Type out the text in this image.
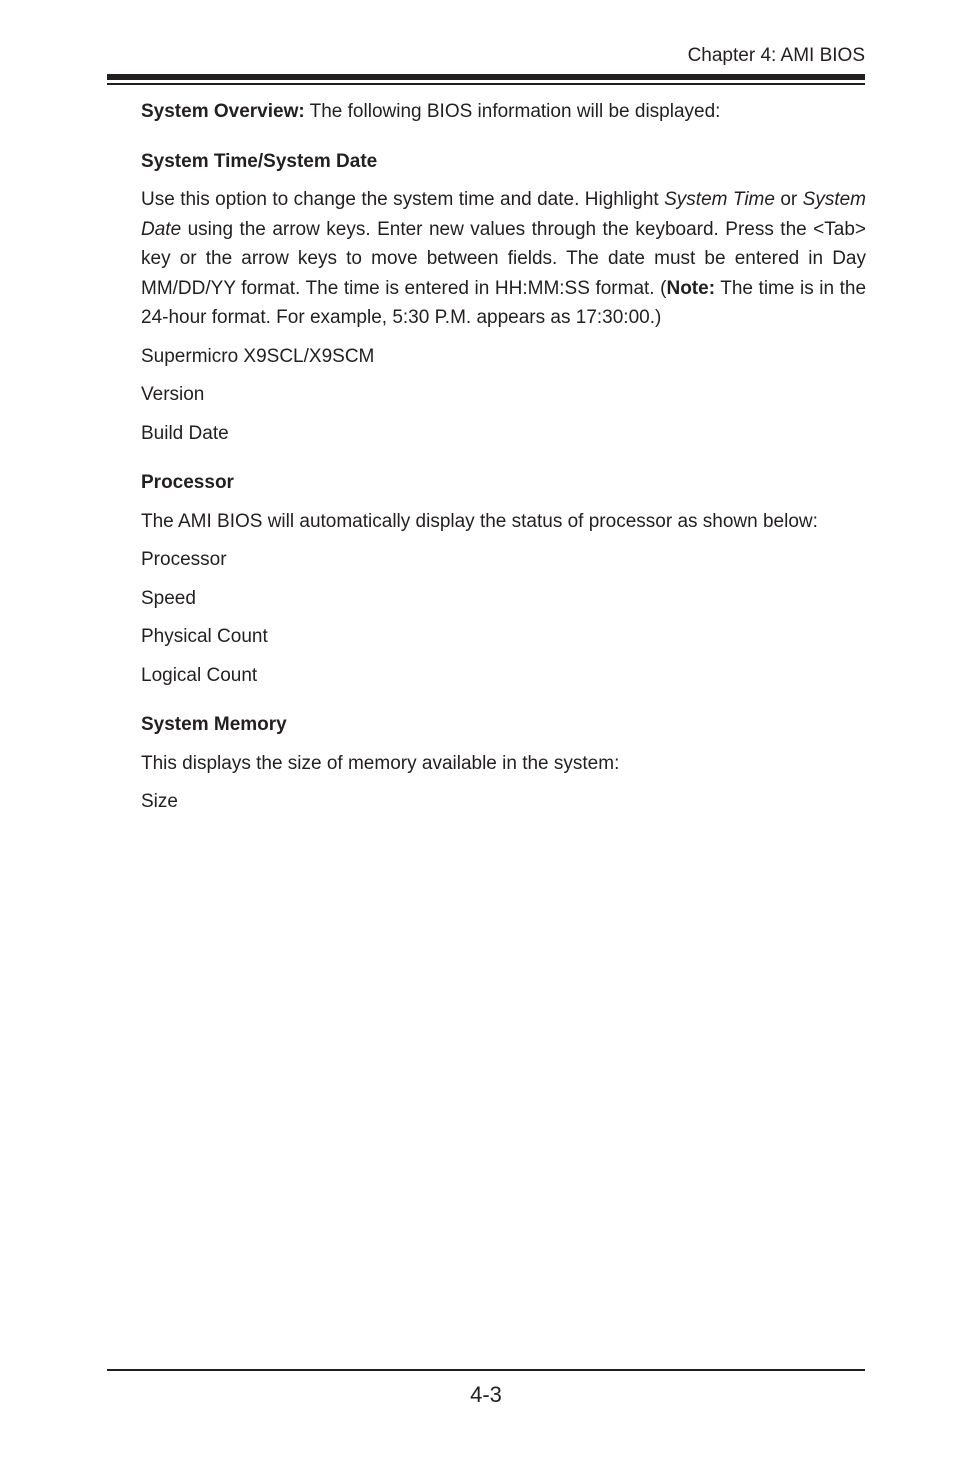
Chapter 4: AMI BIOS

System Overview: The following BIOS information will be displayed:

System Time/System Date

Use this option to change the system time and date. Highlight System Time or System Date using the arrow keys. Enter new values through the keyboard. Press the <Tab> key or the arrow keys to move between fields. The date must be entered in Day MM/DD/YY format. The time is entered in HH:MM:SS format. (Note: The time is in the 24-hour format. For example, 5:30 P.M. appears as 17:30:00.)

Supermicro X9SCL/X9SCM

Version

Build Date

Processor

The AMI BIOS will automatically display the status of processor as shown below:

Processor

Speed

Physical Count

Logical Count

System Memory

This displays the size of memory available in the system:

Size

4-3
